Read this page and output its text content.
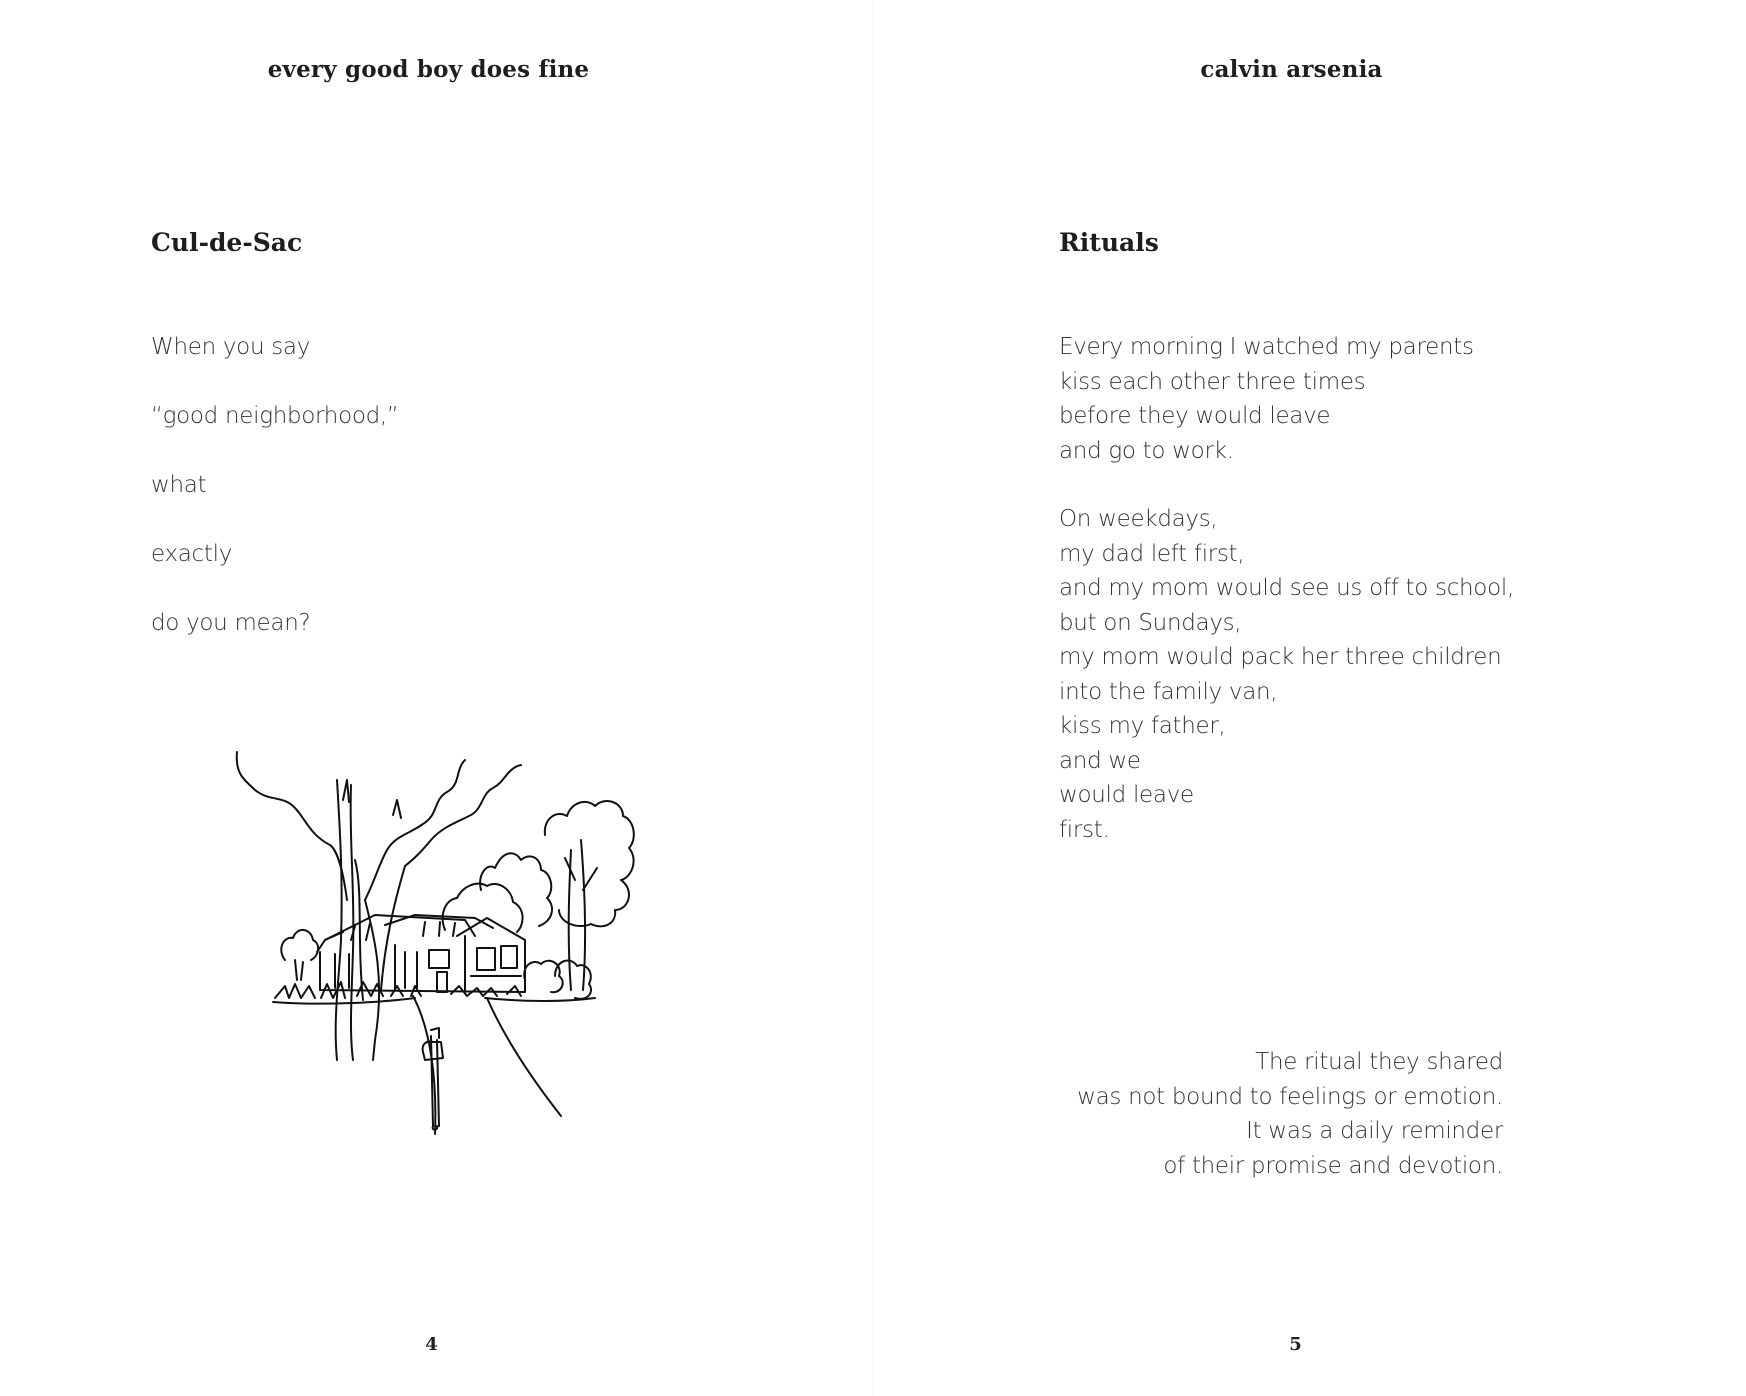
every good boy does fine
Cul-de-Sac
When you say
“good neighborhood,”
what
exactly
do you mean?
4
calvin arsenia
Rituals
Every morning I watched my parents
kiss each other three times
before they would leave
and go to work.
On weekdays,
my dad left first,
and my mom would see us off to school,
but on Sundays,
my mom would pack her three children
into the family van,
kiss my father,
and we
would leave
first.
The ritual they shared
was not bound to feelings or emotion.
It was a daily reminder
of their promise and devotion.
5
